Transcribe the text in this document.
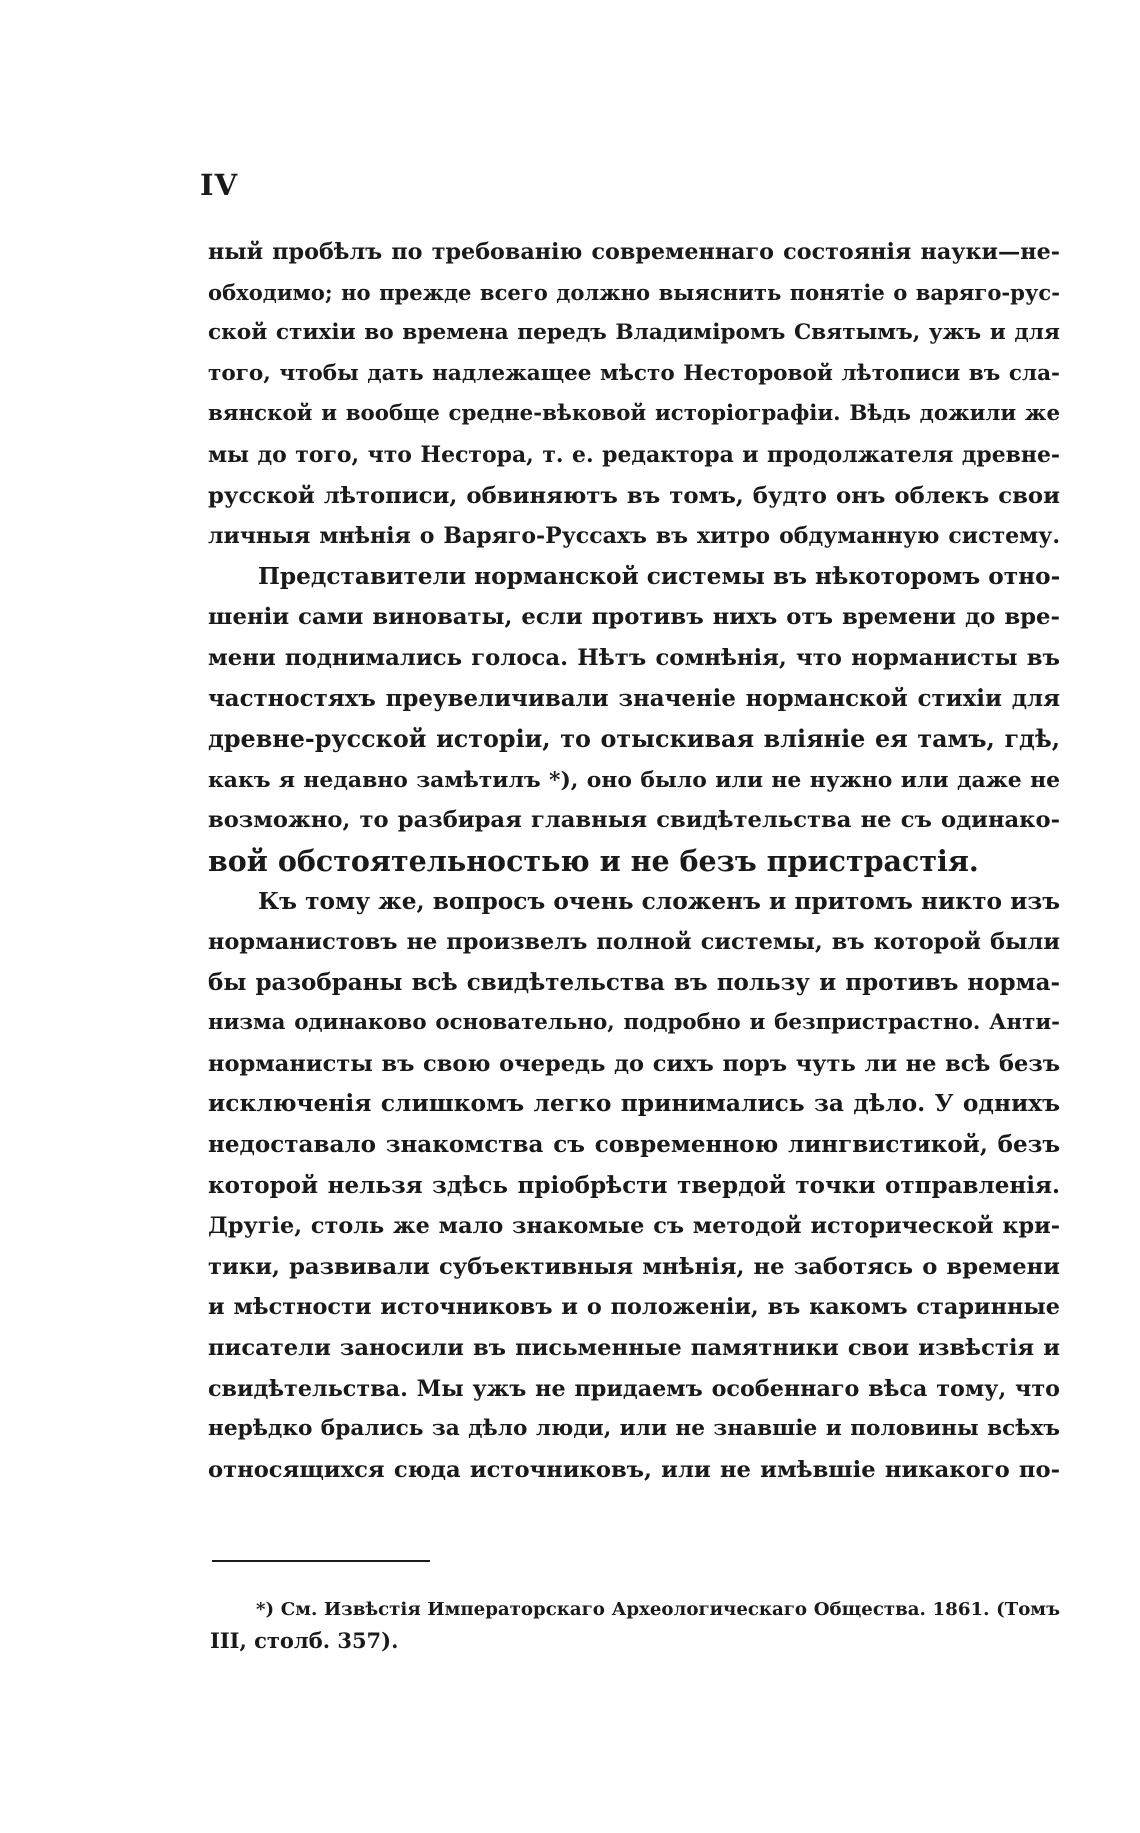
IV
ный пробѣлъ по требованію современнаго состоянія науки—не-
обходимо; но прежде всего должно выяснить понятіе о варяго-рус-
ской стихіи во времена передъ Владиміромъ Святымъ, ужъ и для
того, чтобы дать надлежащее мѣсто Несторовой лѣтописи въ сла-
вянской и вообще средне-вѣковой исторіографіи. Вѣдь дожили же
мы до того, что Нестора, т. е. редактора и продолжателя древне-
русской лѣтописи, обвиняютъ въ томъ, будто онъ облекъ свои
личныя мнѣнія о Варяго-Руссахъ въ хитро обдуманную систему.
Представители норманской системы въ нѣкоторомъ отно-
шеніи сами виноваты, если противъ нихъ отъ времени до вре-
мени поднимались голоса. Нѣтъ сомнѣнія, что норманисты въ
частностяхъ преувеличивали значеніе норманской стихіи для
древне-русской исторіи, то отыскивая вліяніе ея тамъ, гдѣ,
какъ я недавно замѣтилъ *), оно было или не нужно или даже не
возможно, то разбирая главныя свидѣтельства не съ одинако-
вой обстоятельностью и не безъ пристрастія.
Къ тому же, вопросъ очень сложенъ и притомъ никто изъ
норманистовъ не произвелъ полной системы, въ которой были
бы разобраны всѣ свидѣтельства въ пользу и противъ норма-
низма одинаково основательно, подробно и безпристрастно. Анти-
норманисты въ свою очередь до сихъ поръ чуть ли не всѣ безъ
исключенія слишкомъ легко принимались за дѣло. У однихъ
недоставало знакомства съ современною лингвистикой, безъ
которой нельзя здѣсь пріобрѣсти твердой точки отправленія.
Другіе, столь же мало знакомые съ методой исторической кри-
тики, развивали субъективныя мнѣнія, не заботясь о времени
и мѣстности источниковъ и о положеніи, въ какомъ старинные
писатели заносили въ письменные памятники свои извѣстія и
свидѣтельства. Мы ужъ не придаемъ особеннаго вѣса тому, что
нерѣдко брались за дѣло люди, или не знавшіе и половины всѣхъ
относящихся сюда источниковъ, или не имѣвшіе никакого по-
*) См. Извѣстія Императорскаго Археологическаго Общества. 1861. (Томъ
III, столб. 357).
